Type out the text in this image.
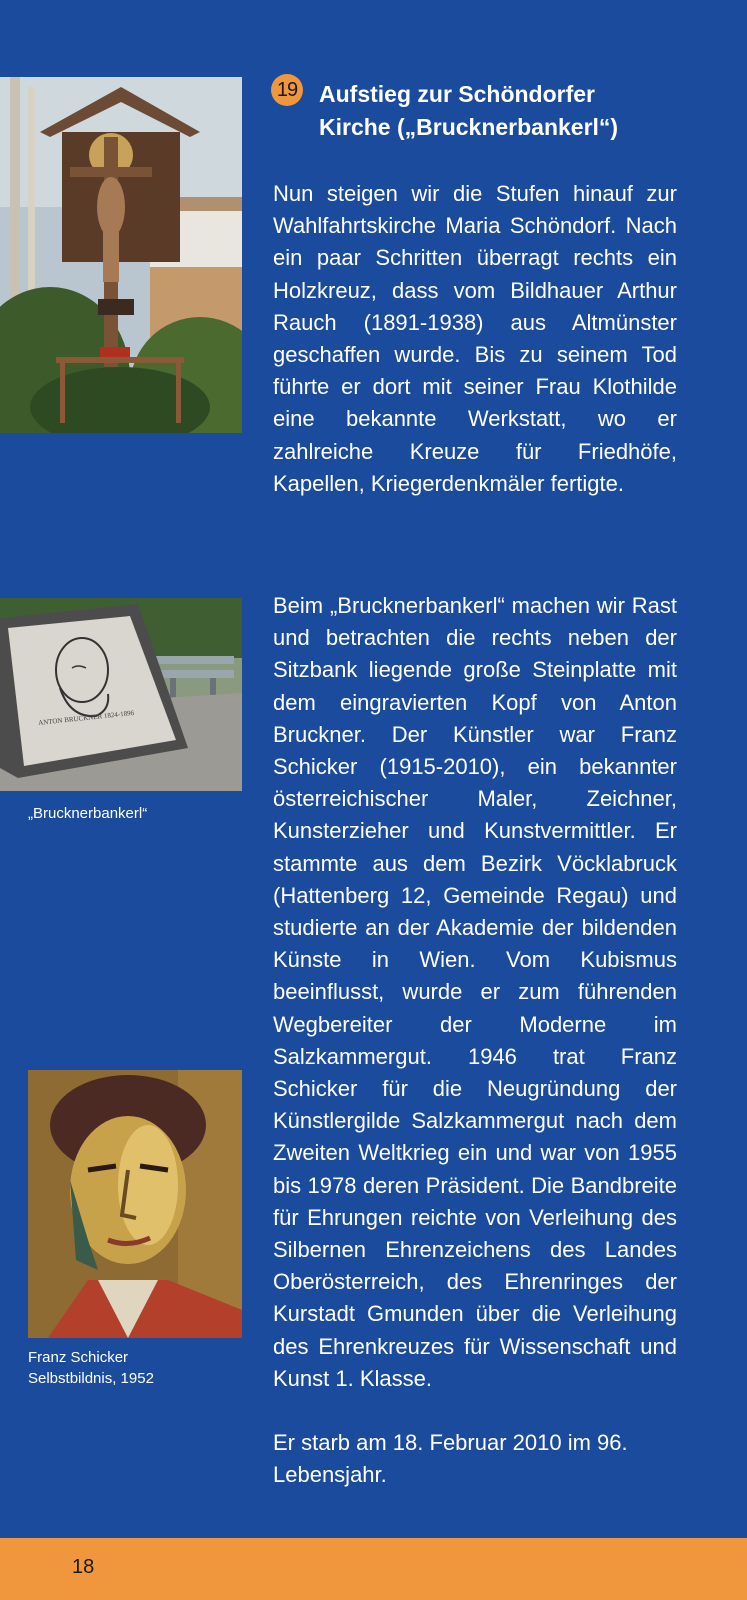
ANTON BRUCKNER 1824-1896
„Brucknerbankerl“
Franz Schicker
Selbstbildnis, 1952
19 Aufstieg zur Schöndorfer
Kirche („Brucknerbankerl“)

Nun steigen wir die Stufen hinauf zur Wahlfahrtskirche Maria Schöndorf. Nach ein paar Schritten überragt rechts ein Holzkreuz, dass vom Bildhauer Arthur Rauch (1891-1938) aus Altmünster geschaffen wurde. Bis zu seinem Tod führte er dort mit seiner Frau Klothilde eine bekannte Werkstatt, wo er zahlreiche Kreuze für Friedhöfe, Kapellen, Kriegerdenkmäler fertigte.

Beim „Brucknerbankerl“ machen wir Rast und betrachten die rechts neben der Sitzbank liegende große Steinplatte mit dem eingravierten Kopf von Anton Bruckner. Der Künstler war Franz Schicker (1915-2010), ein bekannter österreichischer Maler, Zeichner, Kunsterzieher und Kunstvermittler. Er stammte aus dem Bezirk Vöcklabruck (Hattenberg 12, Gemeinde Regau) und studierte an der Akademie der bildenden Künste in Wien. Vom Kubismus beeinflusst, wurde er zum führenden Wegbereiter der Moderne im Salzkammergut. 1946 trat Franz Schicker für die Neugründung der Künstlergilde Salzkammergut nach dem Zweiten Weltkrieg ein und war von 1955 bis 1978 deren Präsident. Die Bandbreite für Ehrungen reichte von Verleihung des Silbernen Ehrenzeichens des Landes Oberösterreich, des Ehrenringes der Kurstadt Gmunden über die Verleihung des Ehrenkreuzes für Wissenschaft und Kunst 1. Klasse.

Er starb am 18. Februar 2010 im 96. Lebensjahr.

18
